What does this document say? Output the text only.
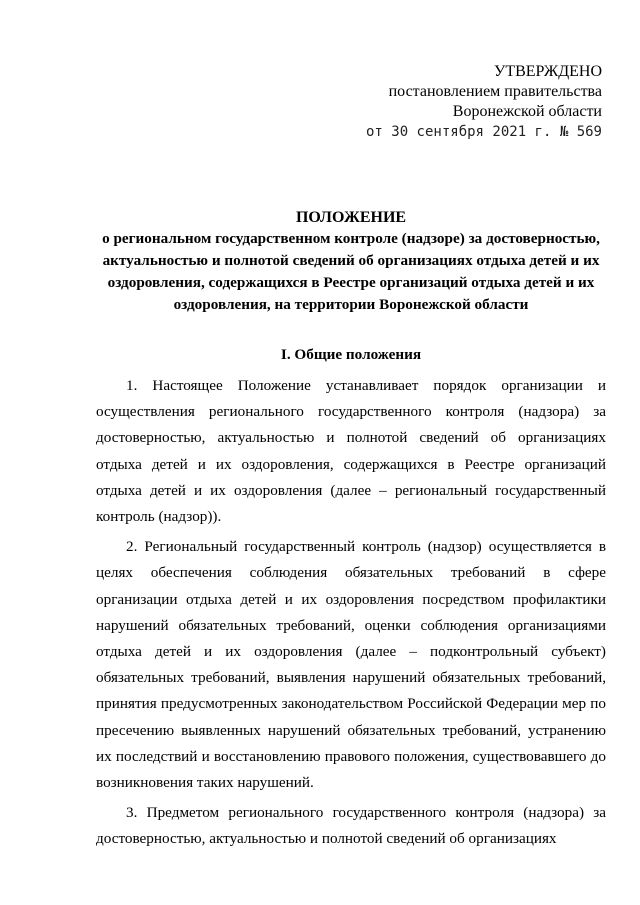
УТВЕРЖДЕНО
постановлением правительства
Воронежской области
от 30 сентября 2021 г. № 569
ПОЛОЖЕНИЕ
о региональном государственном контроле (надзоре) за достоверностью, актуальностью и полнотой сведений об организациях отдыха детей и их оздоровления, содержащихся в Реестре организаций отдыха детей и их оздоровления, на территории Воронежской области
I. Общие положения

1. Настоящее Положение устанавливает порядок организации и осуществления регионального государственного контроля (надзора) за достоверностью, актуальностью и полнотой сведений об организациях отдыха детей и их оздоровления, содержащихся в Реестре организаций отдыха детей и их оздоровления (далее – региональный государственный контроль (надзор)).

2. Региональный государственный контроль (надзор) осуществляется в целях обеспечения соблюдения обязательных требований в сфере организации отдыха детей и их оздоровления посредством профилактики нарушений обязательных требований, оценки соблюдения организациями отдыха детей и их оздоровления (далее – подконтрольный субъект) обязательных требований, выявления нарушений обязательных требований, принятия предусмотренных законодательством Российской Федерации мер по пресечению выявленных нарушений обязательных требований, устранению их последствий и восстановлению правового положения, существовавшего до возникновения таких нарушений.

3. Предметом регионального государственного контроля (надзора) за достоверностью, актуальностью и полнотой сведений об организациях
